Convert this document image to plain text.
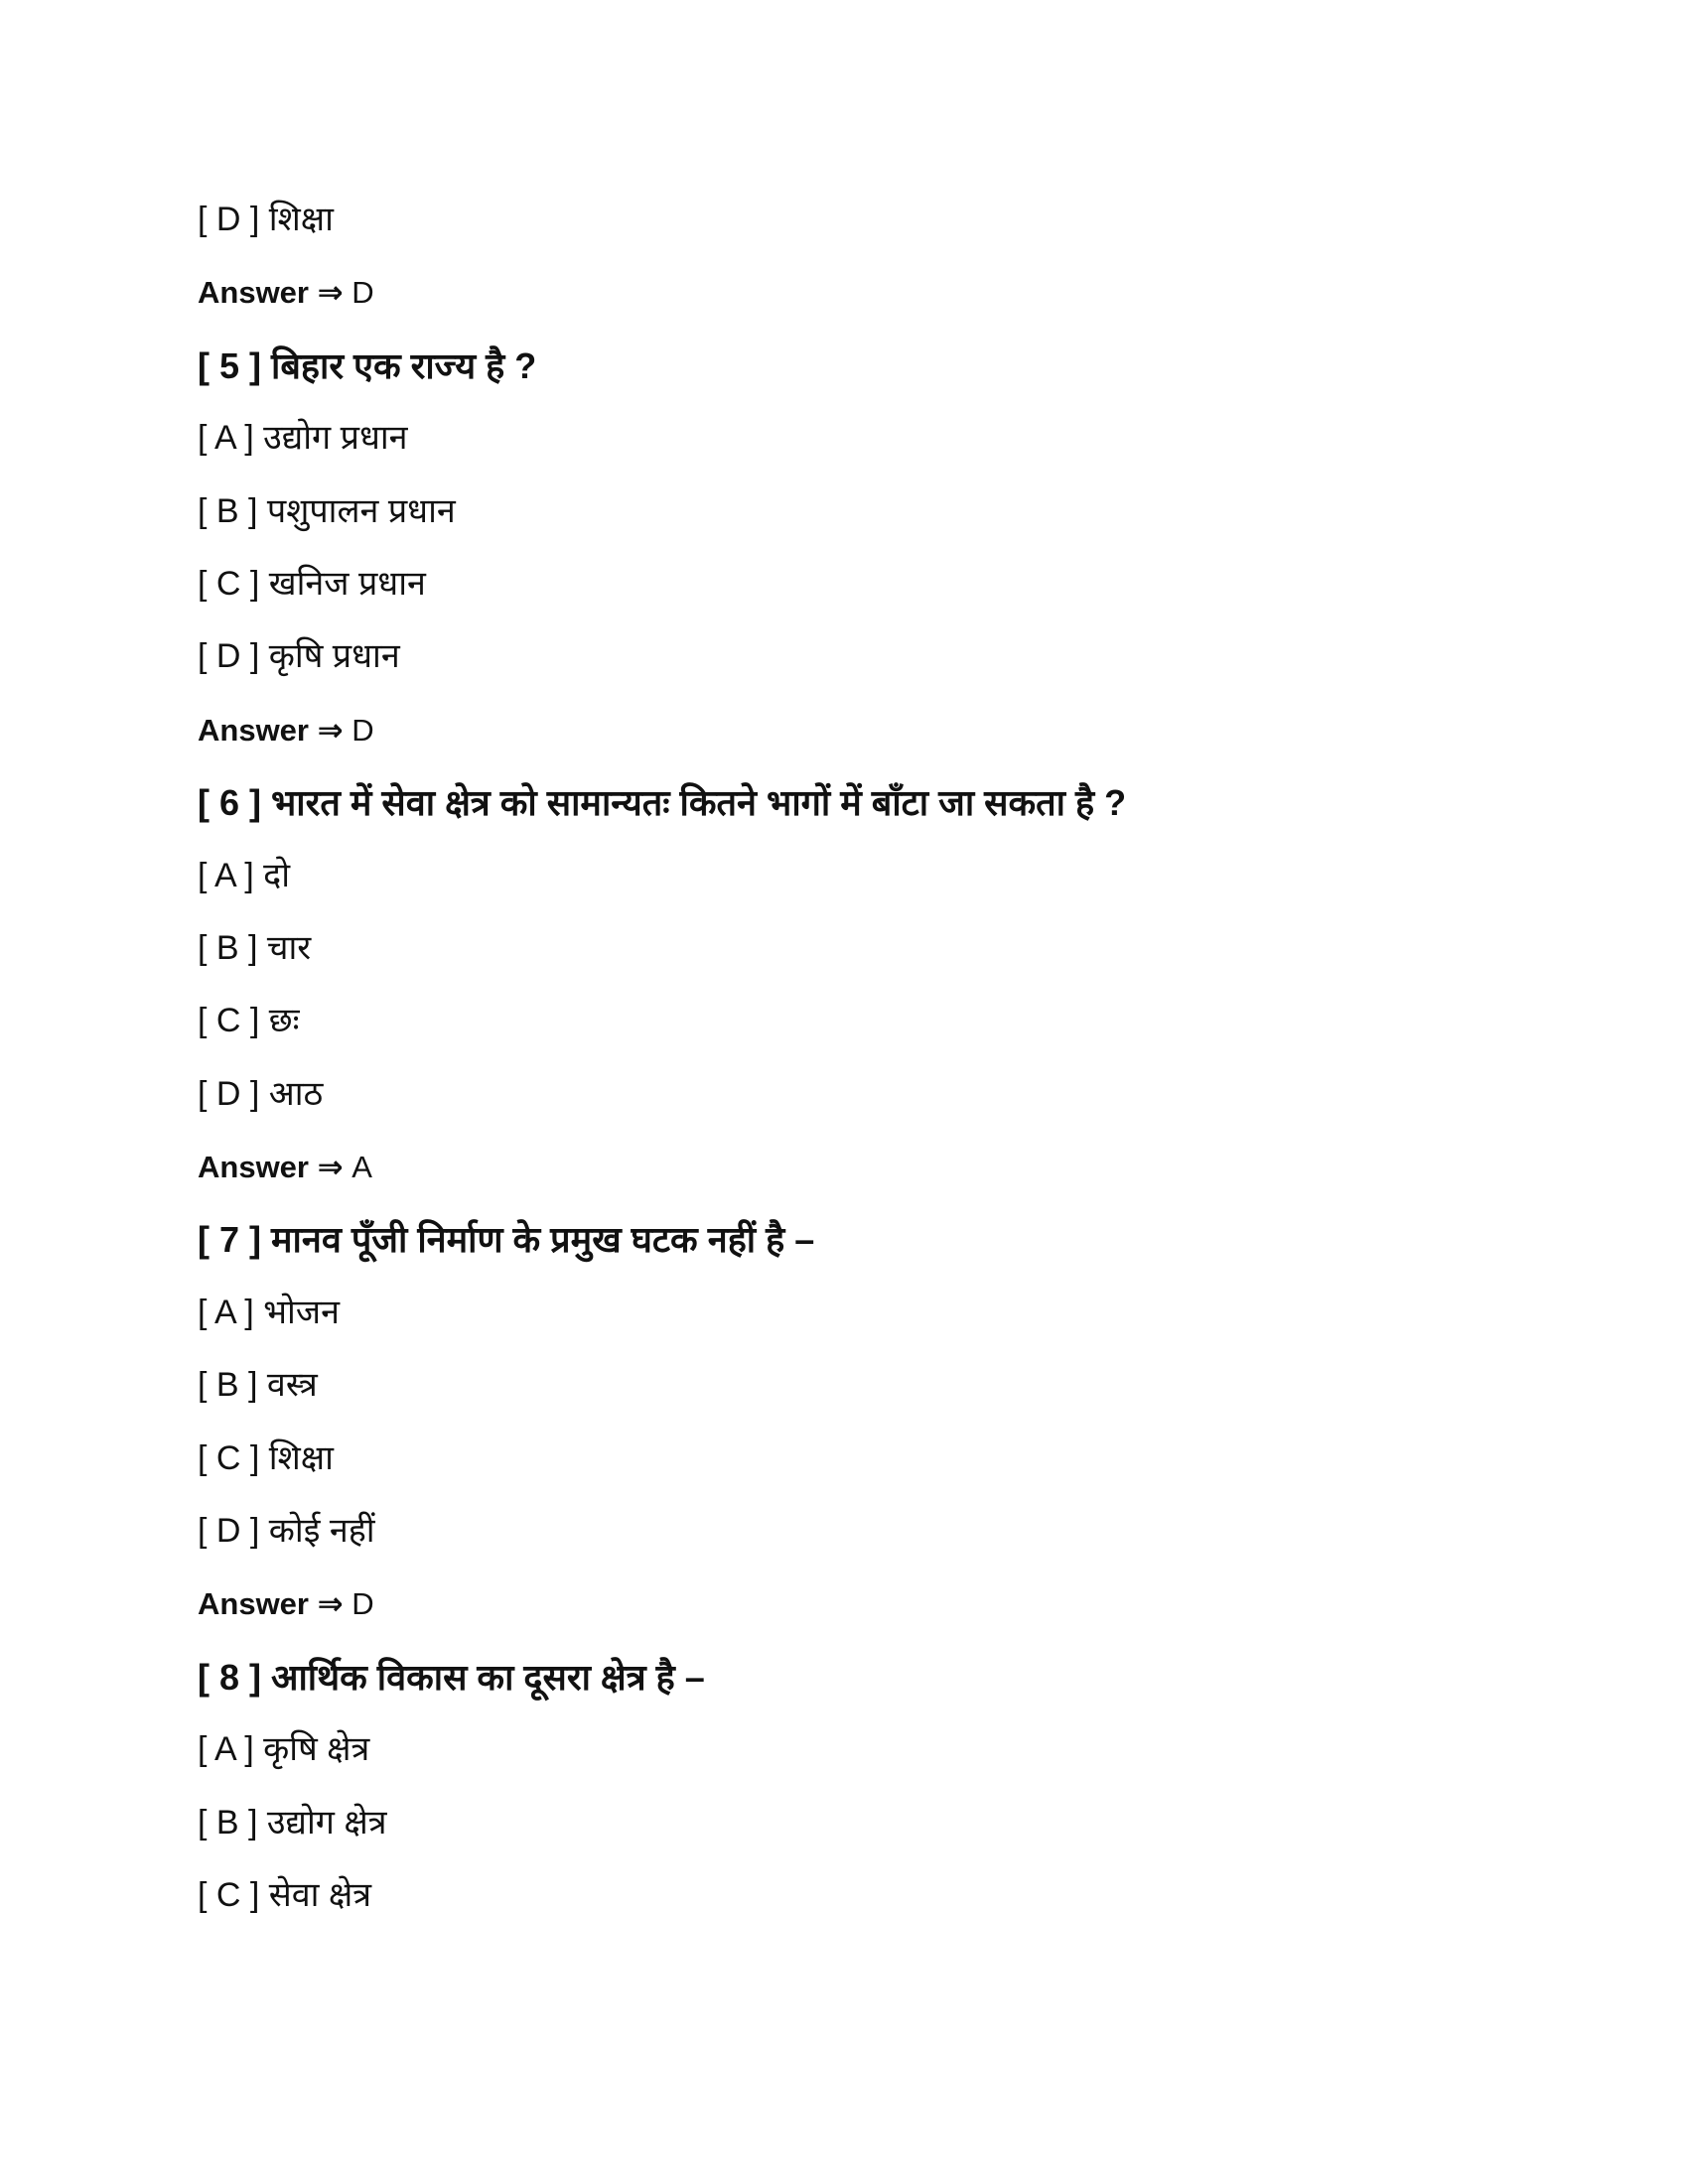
[ D ] शिक्षा
Answer ⇒ D
[ 5 ] बिहार एक राज्य है ?
[ A ] उद्योग प्रधान
[ B ] पशुपालन प्रधान
[ C ] खनिज प्रधान
[ D ] कृषि प्रधान
Answer ⇒ D
[ 6 ] भारत में सेवा क्षेत्र को सामान्यतः कितने भागों में बाँटा जा सकता है ?
[ A ] दो
[ B ] चार
[ C ] छः
[ D ] आठ
Answer ⇒ A
[ 7 ] मानव पूँजी निर्माण के प्रमुख घटक नहीं है –
[ A ] भोजन
[ B ] वस्त्र
[ C ] शिक्षा
[ D ] कोई नहीं
Answer ⇒ D
[ 8 ] आर्थिक विकास का दूसरा क्षेत्र है –
[ A ] कृषि क्षेत्र
[ B ] उद्योग क्षेत्र
[ C ] सेवा क्षेत्र
